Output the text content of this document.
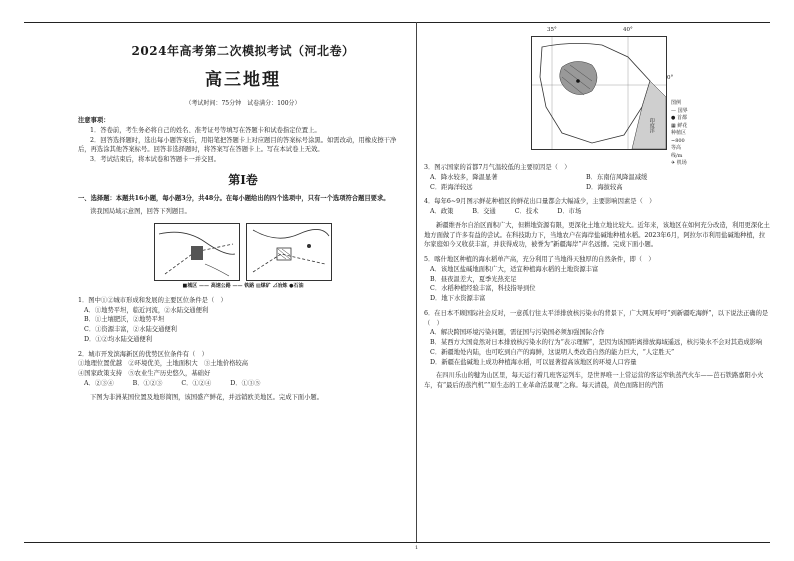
2024年高考第二次模拟考试（河北卷）
高三地理
（考试时间：75分钟　试卷满分：100分）
注意事项：

1．答卷前，考生务必将自己的姓名、准考证号等填写在答题卡和试卷指定位置上。

2．回答选择题时，选出每小题答案后，用铅笔把答题卡上对应题目的答案标号涂黑。如需改动，用橡皮擦干净后，再选涂其他答案标号。回答非选择题时，将答案写在答题卡上。写在本试卷上无效。

3．考试结束后，将本试卷和答题卡一并交回。

第Ⅰ卷

一、选择题：本题共16小题，每小题3分，共48分。在每小题给出的四个选项中，只有一个选项符合题目要求。

读我国局域示意图，回答下列题目。

■城区 —— 高速公路 —— 铁路 ▧煤矿 ⊿冶炼 ●石油

1．图中①②城市形成和发展的主要区位条件是（　）

A．①地势平坦，临近河流，②水陆交通便利

B．①土壤肥沃，②地势平坦

C．①资源丰富，②水陆交通便利

D．①②均水陆交通便利

2．城市开发滨海新区的优势区位条件有（　）

①地理位置优越　②环境优美，土地面积大　③土地价格较高

④国家政策支持　⑤农业生产历史悠久，基础好

A．②③④　　　B．①②③　　　C．①②④　　　D．①③⑤

下图为非洲某国位置及地形简图，该国盛产鲜花，并远销欧美地区。完成下面小题。

35°	40°
0°
印度洋
图例
— 国界
● 首都
▦ 鲜花种植区
~800 等高线/m
✈ 机场

3．图示国家的首都7月气温较低的主要原因是（　）

A．降水较多，降温显著	B．东南信风降温减缓

C．距海洋较远	D．海拔较高

4．每年6~9月图示鲜花种植区的鲜花出口量都会大幅减少，主要影响因素是（　）

A．政策　　　B．交通　　　C．技术　　　D．市场

新疆维吾尔自治区面积广大，但耕地资源有限，更深化土地立地比较大。近年来，该地区在如何充分改造，利用更深化土地方面做了许多有益的尝试。在科技助力下，当地农户在海岸盐碱地种植水稻。2023年6月，阿拉尔市利用盐碱地种植，拉尔家庭如今又收获丰富，并获得成功，被誉为“新疆海岸”声名远播。完成下面小题。

5．喀什地区种植的海水稻单产高，充分利用了当地得天独厚的自然条件，即（　）

A．该地区盐碱地面积广大，适宜种植海水稻的土地资源丰富

B．昼夜温差大，夏季光热充足

C．水稻种植经验丰富，科技指导到位

D．地下水资源丰富

6．在日本不顾国际社会反对，一意孤行往太平洋排放核污染水的背景下，广大网友呼吁“到新疆吃海鲜”，以下说法正确的是（　）

A．解决跨国环境污染问题，需征国与污染国必须加强国际合作

B．某西方大国竟然对日本排放核污染水的行为“表示理解”，是因为该国距离排放海域遥远，核污染水不会对其造成影响

C．新疆地处内陆，也可吃到自产的海鲜，这说明人类改造自然的能力巨大，“人定胜天”

D．新疆在盐碱地上成功种植海水稻，可以显著提高该地区的环境人口容量

在四川乐山的犍为山区里，每天运行着几班客运列车，是世界唯一上常运营的客运窄轨蒸汽火车——芭石铁路嘉阳小火车，有“最后的蒸汽机”“原生态的工业革命活景观”之称。每天清晨，黄色而陈旧的汽笛

1
